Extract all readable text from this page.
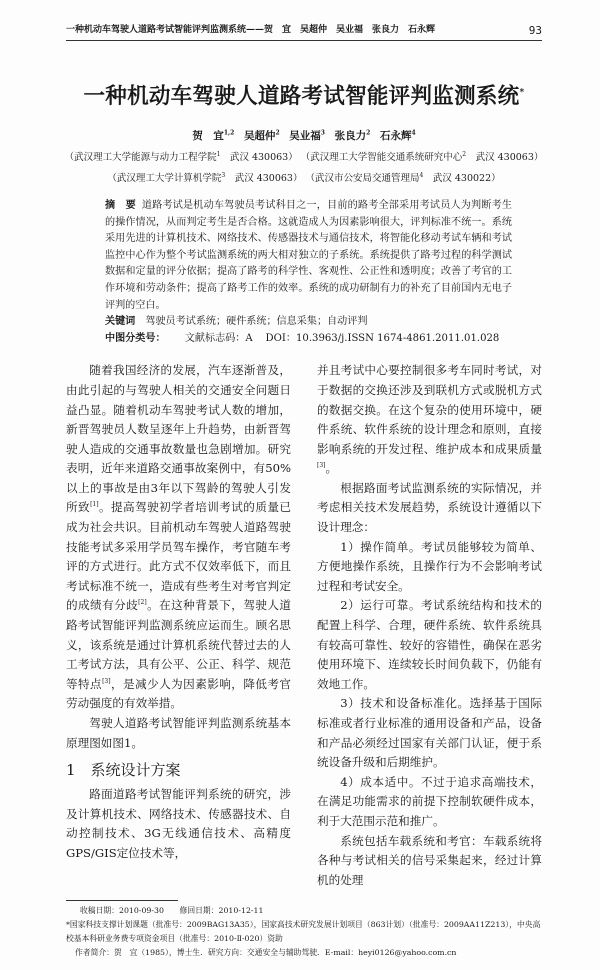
一种机动车驾驶人道路考试智能评判监测系统——贺　宜　吴超仲　吴业福　张良力　石永辉	93
一种机动车驾驶人道路考试智能评判监测系统*
贺　宜$^{1,2}$ 吴超仲$^2$ 吴业福$^3$ 张良力$^2$ 石永辉$^4$
（武汉理工大学能源与动力工程学院$^1$　武汉 430063） （武汉理工大学智能交通系统研究中心$^2$　武汉 430063）
（武汉理工大学计算机学院$^3$　武汉 430063） （武汉市公安局交通管理局$^4$　武汉 430022）
摘　要 道路考试是机动车驾驶员考试科目之一，目前的路考全部采用考试员人为判断考生的操作情况，从而判定考生是否合格。这就造成人为因素影响很大，评判标准不统一。系统采用先进的计算机技术、网络技术、传感器技术与通信技术，将智能化移动考试车辆和考试监控中心作为整个考试监测系统的两大相对独立的子系统。系统提供了路考过程的科学测试数据和定量的评分依据；提高了路考的科学性、客观性、公正性和透明度；改善了考官的工作环境和劳动条件；提高了路考工作的效率。系统的成功研制有力的补充了目前国内无电子评判的空白。
关键词　 驾驶员考试系统；硬件系统；信息采集；自动评判
中图分类号： 文献标志码：A DOI：10.3963/j.ISSN 1674-4861.2011.01.028

随着我国经济的发展，汽车逐渐普及，由此引起的与驾驶人相关的交通安全问题日益凸显。随着机动车驾驶考试人数的增加，新晋驾驶员人数呈逐年上升趋势，由新晋驾驶人造成的交通事故数量也急剧增加。研究表明，近年来道路交通事故案例中，有50%以上的事故是由3年以下驾龄的驾驶人引发所致[1]。提高驾驶初学者培训考试的质量已成为社会共识。目前机动车驾驶人道路驾驶技能考试多采用学员驾车操作，考官随车考评的方式进行。此方式不仅效率低下，而且考试标准不统一，造成有些考生对考官判定的成绩有分歧[2]。在这种背景下，驾驶人道路考试智能评判监测系统应运而生。顾名思义，该系统是通过计算机系统代替过去的人工考试方法，具有公平、公正、科学、规范等特点[3]，是减少人为因素影响，降低考官劳动强度的有效举措。

驾驶人道路考试智能评判监测系统基本原理图如图1。

1　系统设计方案

路面道路考试智能评判系统的研究，涉及计算机技术、网络技术、传感器技术、自动控制技术、3G无线通信技术、高精度GPS/GIS定位技术等，

并且考试中心要控制很多考车同时考试，对于数据的交换还涉及到联机方式或脱机方式的数据交换。在这个复杂的使用环境中，硬件系统、软件系统的设计理念和原则，直接影响系统的开发过程、维护成本和成果质量[3]。

根据路面考试监测系统的实际情况，并考虑相关技术发展趋势，系统设计遵循以下设计理念：

1）操作简单。考试员能够较为简单、方便地操作系统，且操作行为不会影响考试过程和考试安全。

2）运行可靠。考试系统结构和技术的配置上科学、合理，硬件系统、软件系统具有较高可靠性、较好的容错性，确保在恶劣使用环境下、连续较长时间负载下，仍能有效地工作。

3）技术和设备标准化。选择基于国际标准或者行业标准的通用设备和产品，设备和产品必须经过国家有关部门认证，便于系统设备升级和后期维护。

4）成本适中。不过于追求高端技术，在满足功能需求的前提下控制软硬件成本，利于大范围示范和推广。

系统包括车载系统和考官：车载系统将各种与考试相关的信号采集起来，经过计算机的处理

收稿日期：2010-09-30　　修回日期：2010-12-11
*国家科技支撑计划课题（批准号：2009BAG13A35），国家高技术研究发展计划项目（863计划）（批准号：2009AA11Z213），中央高校基本科研业务费专项资金项目（批准号：2010-Ⅱ-020）资助
作者简介：贺　宜（1985），博士生．研究方向：交通安全与辅助驾驶．E-mail：heyi0126@yahoo.com.cn
